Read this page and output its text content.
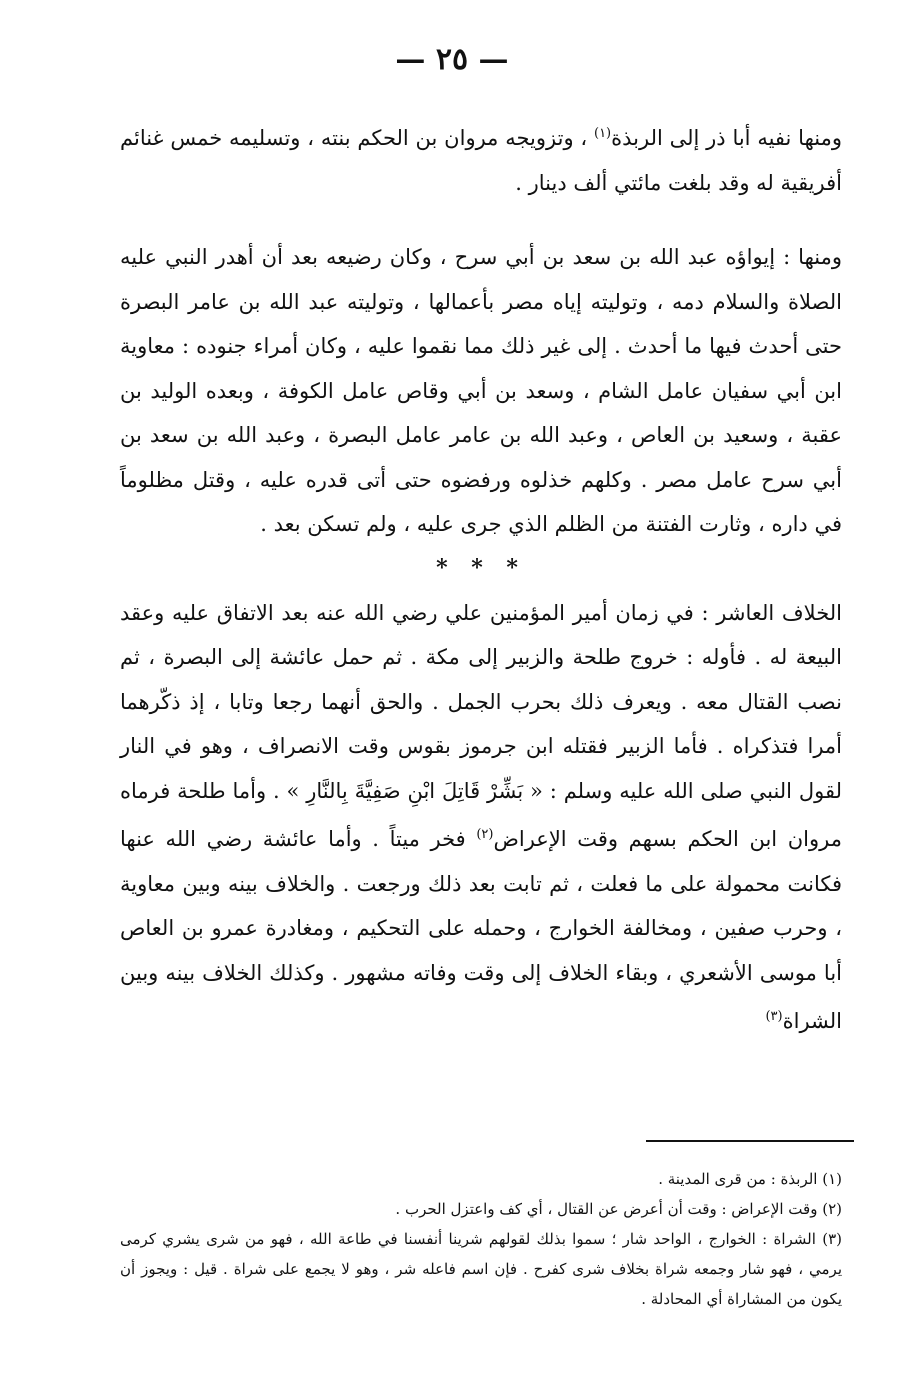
— ٢٥ —

ومنها نفيه أبا ذر إلى الربذة$^{(١)}$ ، وتزويجه مروان بن الحكم بنته ، وتسليمه خمس غنائم أفريقية له وقد بلغت مائتي ألف دينار .

ومنها : إيواؤه عبد الله بن سعد بن أبي سرح ، وكان رضيعه بعد أن أهدر النبي عليه الصلاة والسلام دمه ، وتوليته إياه مصر بأعمالها ، وتوليته عبد الله بن عامر البصرة حتى أحدث فيها ما أحدث . إلى غير ذلك مما نقموا عليه ، وكان أمراء جنوده : معاوية ابن أبي سفيان عامل الشام ، وسعد بن أبي وقاص عامل الكوفة ، وبعده الوليد بن عقبة ، وسعيد بن العاص ، وعبد الله بن عامر عامل البصرة ، وعبد الله بن سعد بن أبي سرح عامل مصر . وكلهم خذلوه ورفضوه حتى أتى قدره عليه ، وقتل مظلوماً في داره ، وثارت الفتنة من الظلم الذي جرى عليه ، ولم تسكن بعد .

* * *

الخلاف العاشر : في زمان أمير المؤمنين علي رضي الله عنه بعد الاتفاق عليه وعقد البيعة له . فأوله : خروج طلحة والزبير إلى مكة . ثم حمل عائشة إلى البصرة ، ثم نصب القتال معه . ويعرف ذلك بحرب الجمل . والحق أنهما رجعا وتابا ، إذ ذكّرهما أمرا فتذكراه . فأما الزبير فقتله ابن جرموز بقوس وقت الانصراف ، وهو في النار لقول النبي صلى الله عليه وسلم : « بَشِّرْ قَاتِلَ ابْنِ صَفِيَّةَ بِالنَّارِ » . وأما طلحة فرماه مروان ابن الحكم بسهم وقت الإعراض$^{(٢)}$ فخر ميتاً . وأما عائشة رضي الله عنها فكانت محمولة على ما فعلت ، ثم تابت بعد ذلك ورجعت . والخلاف بينه وبين معاوية ، وحرب صفين ، ومخالفة الخوارج ، وحمله على التحكيم ، ومغادرة عمرو بن العاص أبا موسى الأشعري ، وبقاء الخلاف إلى وقت وفاته مشهور . وكذلك الخلاف بينه وبين الشراة$^{(٣)}$

(١) الربذة : من قرى المدينة .

(٢) وقت الإعراض : وقت أن أعرض عن القتال ، أي كف واعتزل الحرب .

(٣) الشراة : الخوارج ، الواحد شار ؛ سموا بذلك لقولهم شرينا أنفسنا في طاعة الله ، فهو من شرى يشري كرمى يرمي ، فهو شار وجمعه شراة بخلاف شرى كفرح . فإن اسم فاعله شر ، وهو لا يجمع على شراة . قيل : ويجوز أن يكون من المشاراة أي المحادلة .
